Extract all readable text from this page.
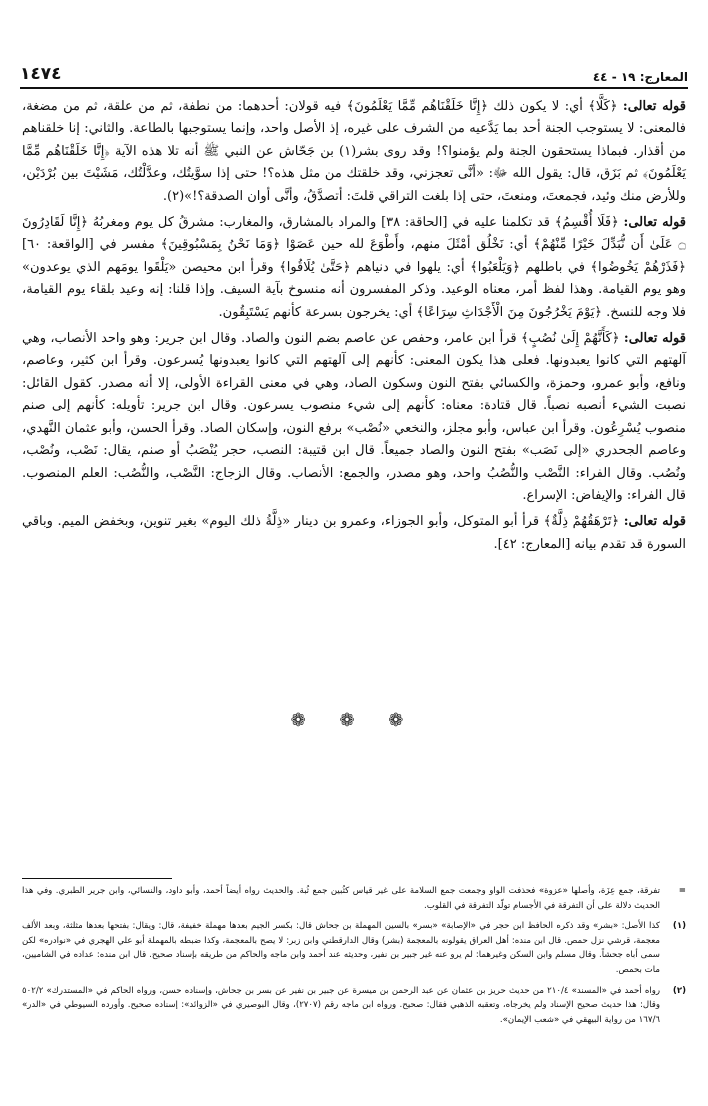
١٤٧٤	المعارج: ١٩ - ٤٤

قوله تعالى: ﴿كَلَّا﴾ أي: لا يكون ذلك ﴿إِنَّا خَلَقْنَاهُم مِّمَّا يَعْلَمُونَ﴾ فيه قولان: أحدهما: من نطفة، ثم من علقة، ثم من مضغة، فالمعنى: لا يستوجب الجنة أحد بما يَدَّعيه من الشرف على غيره، إذ الأصل واحد، وإنما يستوجبها بالطاعة. والثاني: إنا خلقناهم من أقذار. فبماذا يستحقون الجنة ولم يؤمنوا؟! وقد روى بشر(١) بن جَحّاش عن النبي ﷺ أنه تلا هذه الآية ﴿إِنَّا خَلَقْنَاهُم مِّمَّا يَعْلَمُونَ﴾ ثم بَزَق، قال: يقول الله ﷻ: «أنَّى تعجزني، وقد خلقتك من مثل هذه؟! حتى إذا سوَّيتُك، وعدَّلْتُك، مَشَيْتَ بين بُرْدَيْن، وللأرض منك وئيد، فجمعتَ، ومنعتَ، حتى إذا بلغت التراقي قلتَ: أتصدَّقُ، وأنَّى أوان الصدقة؟!»(٢).

قوله تعالى: ﴿فَلَا أُقْسِمُ﴾ قد تكلمنا عليه في [الحاقة: ٣٨] والمراد بالمشارق، والمغارب: مشرقُ كل يوم ومغربُهُ ﴿إِنَّا لَقَادِرُونَ ۝ عَلَىٰ أَن نُّبَدِّلَ خَيْرًا مِّنْهُمْ﴾ أي: نَخْلُق أمْثَلَ منهم، وأَطْوَعَ لله حين عَصَوْا ﴿وَمَا نَحْنُ بِمَسْبُوقِينَ﴾ مفسر في [الواقعة: ٦٠] ﴿فَذَرْهُمْ يَخُوضُوا﴾ في باطلهم ﴿وَيَلْعَبُوا﴾ أي: يلهوا في دنياهم ﴿حَتَّىٰ يُلَاقُوا﴾ وقرأ ابن محيصن «يَلْقَوا يومَهم الذي يوعدون» وهو يوم القيامة. وهذا لفظ أمر، معناه الوعيد. وذكر المفسرون أنه منسوخ بآية السيف. وإذا قلنا: إنه وعيد بلقاء يوم القيامة، فلا وجه للنسخ. ﴿يَوْمَ يَخْرُجُونَ مِنَ الْأَجْدَاثِ سِرَاعًا﴾ أي: يخرجون بسرعة كأنهم يَسْتَبِقُون.

قوله تعالى: ﴿كَأَنَّهُمْ إِلَىٰ نُصُبٍ﴾ قرأ ابن عامر، وحفص عن عاصم بضم النون والصاد. وقال ابن جرير: وهو واحد الأنصاب، وهي آلهتهم التي كانوا يعبدونها. فعلى هذا يكون المعنى: كأنهم إلى آلهتهم التي كانوا يعبدونها يُسرعون. وقرأ ابن كثير، وعاصم، ونافع، وأبو عمرو، وحمزة، والكسائي بفتح النون وسكون الصاد، وهي في معنى القراءة الأولى، إلا أنه مصدر. كقول القائل: نصبت الشيء أنصبه نصباً. قال قتادة: معناه: كأنهم إلى شيء منصوب يسرعون. وقال ابن جرير: تأويله: كأنهم إلى صنم منصوب يُسْرِعُون. وقرأ ابن عباس، وأبو مجلز، والنخعي «نُصْب» برفع النون، وإسكان الصاد. وقرأ الحسن، وأبو عثمان النَّهدي، وعاصم الجحدري «إلى نَصَب» بفتح النون والصاد جميعاً. قال ابن قتيبة: النصب، حجر يُنْصَبُ أو صنم، يقال: نَصْب، ونُصْب، ونُصُب. وقال الفراء: النَّصْب والنُّصُبُ واحد، وهو مصدر، والجمع: الأنصاب. وقال الزجاج: النَّصْب، والنُّصُب: العلم المنصوب. قال الفراء: والإيفاض: الإسراع.

قوله تعالى: ﴿تَرْهَقُهُمْ ذِلَّةٌ﴾ قرأ أبو المتوكل، وأبو الجوزاء، وعمرو بن دينار «ذِلَّةُ ذلك اليوم» بغير تنوين، وبخفض الميم. وباقي السورة قد تقدم بيانه [المعارج: ٤٢].

❁ ❁ ❁
=
تفرقة، جمع عِزَة، وأصلها «عزوة» فحذفت الواو وجمعت جمع السلامة على غير قياس كثُبين جمع ثُبة. والحديث رواه أيضاً أحمد، وأبو داود، والنسائي، وابن جرير الطبري. وفي هذا الحديث دلالة على أن التفرقة في الأجسام تولّد التفرقة في القلوب.
(١)
كذا الأصل: «بشر» وقد ذكره الحافظ ابن حجر في «الإصابة» «بسر» بالسين المهملة بن جحاش قال: بكسر الجيم بعدها مهملة خفيفة، قال: ويقال: بفتحها بعدها مثلثة، وبعد الألف معجمة، قرشي نزل حمص. قال ابن منده: أهل العراق يقولونه بالمعجمة (بشر) وقال الدارقطني وابن زبر: لا يصح بالمعجمة، وكذا ضبطه بالمهملة أبو علي الهجري في «نوادره» لكن سمى أباه جحشاً. وقال مسلم وابن السكن وغيرهما: لم يرو عنه غير جبير بن نفير، وحديثه عند أحمد وابن ماجه والحاكم من طريقه بإسناد صحيح. قال ابن منده: عداده في الشاميين، مات بحمص.
(٢)
رواه أحمد في «المسند» ٢١٠/٤ من حديث حريز بن عثمان عن عبد الرحمن بن ميسرة عن جبير بن نفير عن بسر بن جحاش، وإسناده حسن، ورواه الحاكم في «المستدرك» ٥٠٢/٢ وقال: هذا حديث صحيح الإسناد ولم يخرجاه، وتعقبه الذهبي فقال: صحيح. ورواه ابن ماجه رقم (٢٧٠٧)، وقال البوصيري في «الزوائد»: إسناده صحيح. وأورده السيوطي في «الدر» ١٦٧/٦ من رواية البيهقي في «شعب الإيمان».
